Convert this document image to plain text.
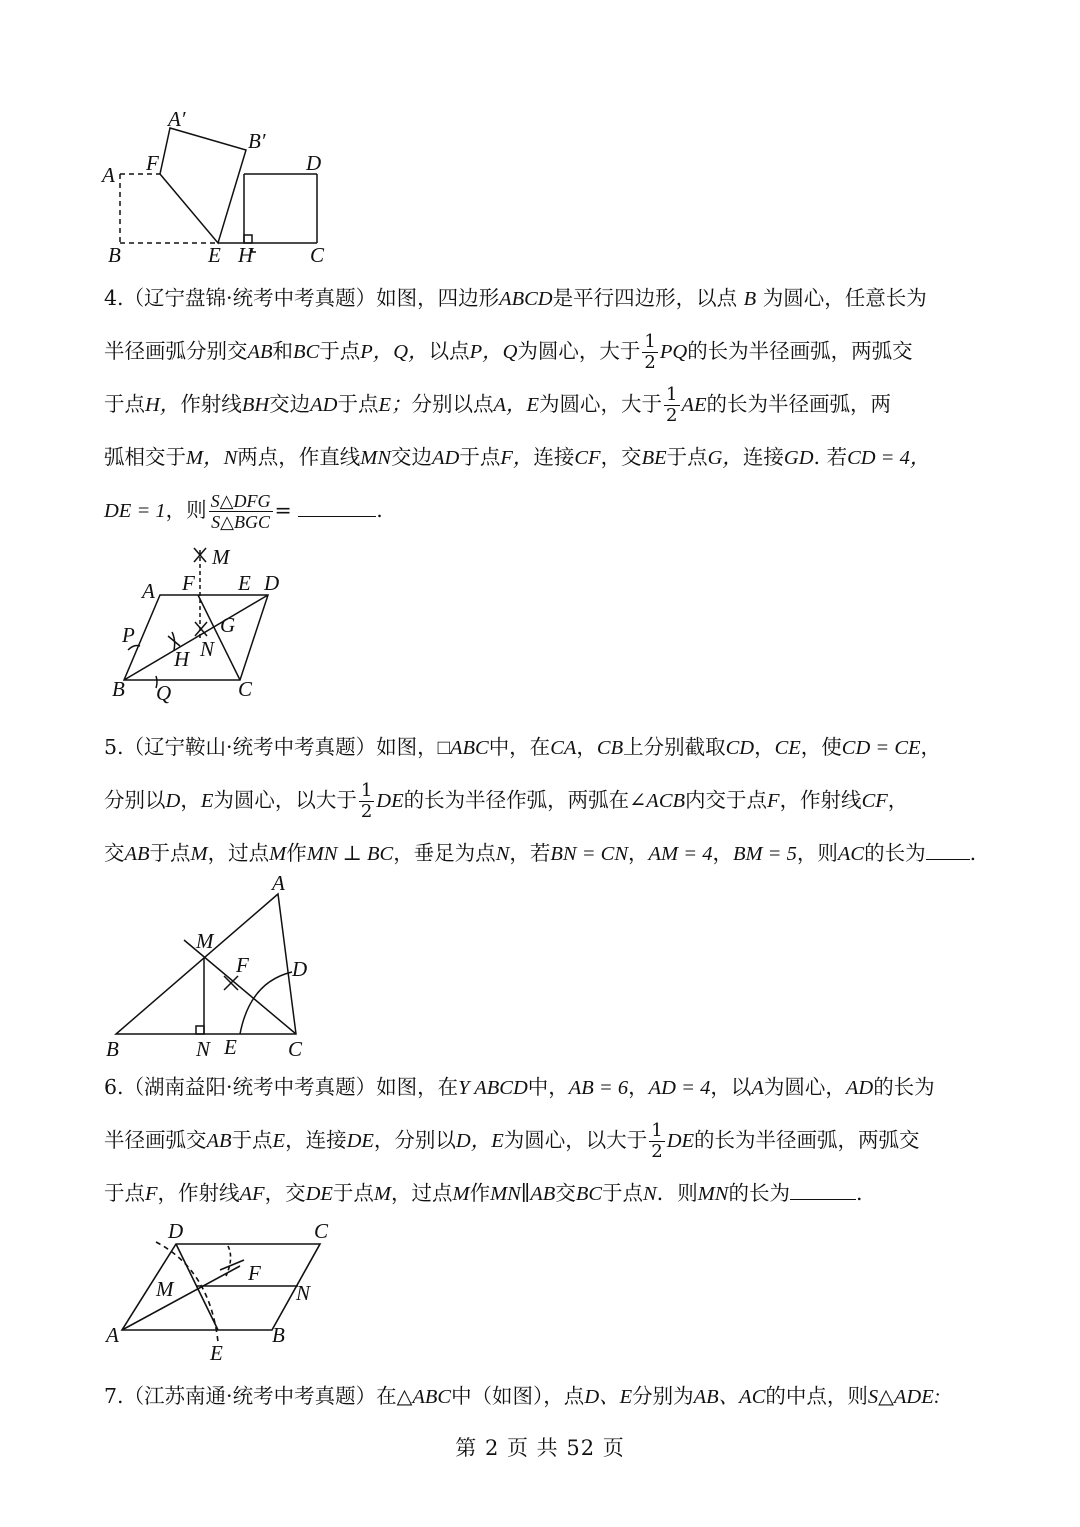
A′
B′
A F	D
B	E H	C

4.（辽宁盘锦·统考中考真题）如图，四边形ABCD是平行四边形，以点 B 为圆心，任意长为

半径画弧分别交AB和BC于点P，Q，以点P，Q为圆心，大于 $\frac{1}{2}$ PQ的长为半径画弧，两弧交

于点H，作射线BH交边AD于点E；分别以点A，E为圆心，大于 $\frac{1}{2}$ AE的长为半径画弧，两

弧相交于M，N两点，作直线MN交边AD于点F，连接CF，交BE于点G，连接GD. 若CD = 4，

DE = 1，则 $\frac{\text{S△DFG}}{\text{S△BGC}}$ =	.

M
A F E D
G
P
H N
B Q	C

5.（辽宁鞍山·统考中考真题）如图，□ABC中，在CA，CB上分别截取CD，CE，使CD = CE，

分别以D，E为圆心，以大于 $\frac{1}{2}$ DE的长为半径作弧，两弧在∠ACB内交于点F，作射线CF，

交AB于点M，过点M作MN ⊥ BC，垂足为点N，若BN = CN，AM = 4，BM = 5，则AC的长为 .

A
M
F D
B	N E C

6.（湖南益阳·统考中考真题）如图，在Y ABCD中，AB = 6，AD = 4，以A为圆心，AD的长为

半径画弧交AB于点E，连接DE，分别以D，E为圆心，以大于 $\frac{1}{2}$ DE的长为半径画弧，两弧交

于点F，作射线AF，交DE于点M，过点M作MN∥AB交BC于点N．则MN的长为	.

D	C
F
M	N
A	B
E

7.（江苏南通·统考中考真题）在△ABC中（如图），点D、E分别为AB、AC的中点，则S△ADE:

第 2 页 共 52 页
